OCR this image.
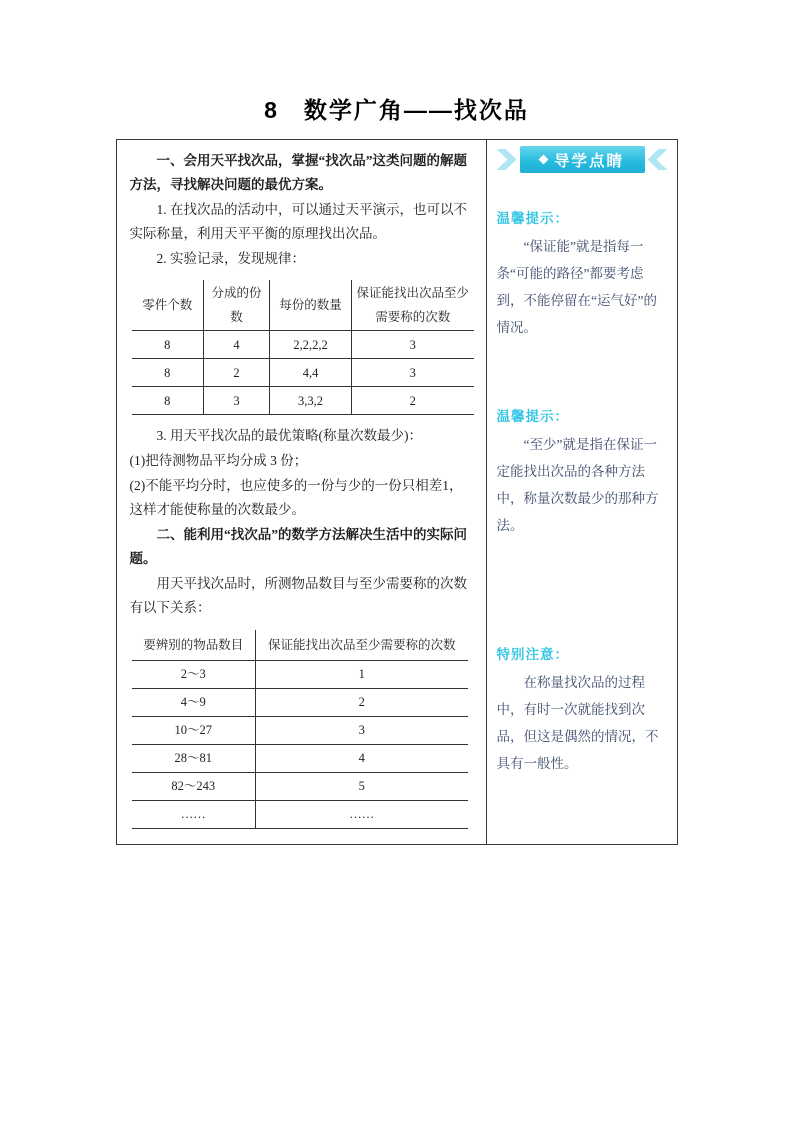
8　数学广角——找次品

一、会用天平找次品，掌握“找次品”这类问题的解题方法，寻找解决问题的最优方案。

1. 在找次品的活动中，可以通过天平演示，也可以不实际称量，利用天平平衡的原理找出次品。

2. 实验记录，发现规律：

零件个数	分成的份数	每份的数量	保证能找出次品至少需要称的次数
8	4	2,2,2,2	3
8	2	4,4	3
8	3	3,3,2	2

3. 用天平找次品的最优策略(称量次数最少)：

(1)把待测物品平均分成 3 份；

(2)不能平均分时，也应使多的一份与少的一份只相差1，这样才能使称量的次数最少。

二、能利用“找次品”的数学方法解决生活中的实际问题。

用天平找次品时，所测物品数目与至少需要称的次数有以下关系：

要辨别的物品数目	保证能找出次品至少需要称的次数
2～3	1
4～9	2
10～27	3
28～81	4
82～243	5
……	……
导学点睛

温馨提示：

“保证能”就是指每一条“可能的路径”都要考虑到，不能停留在“运气好”的情况。

温馨提示：

“至少”就是指在保证一定能找出次品的各种方法中，称量次数最少的那种方法。

特别注意：

在称量找次品的过程中，有时一次就能找到次品，但这是偶然的情况，不具有一般性。
